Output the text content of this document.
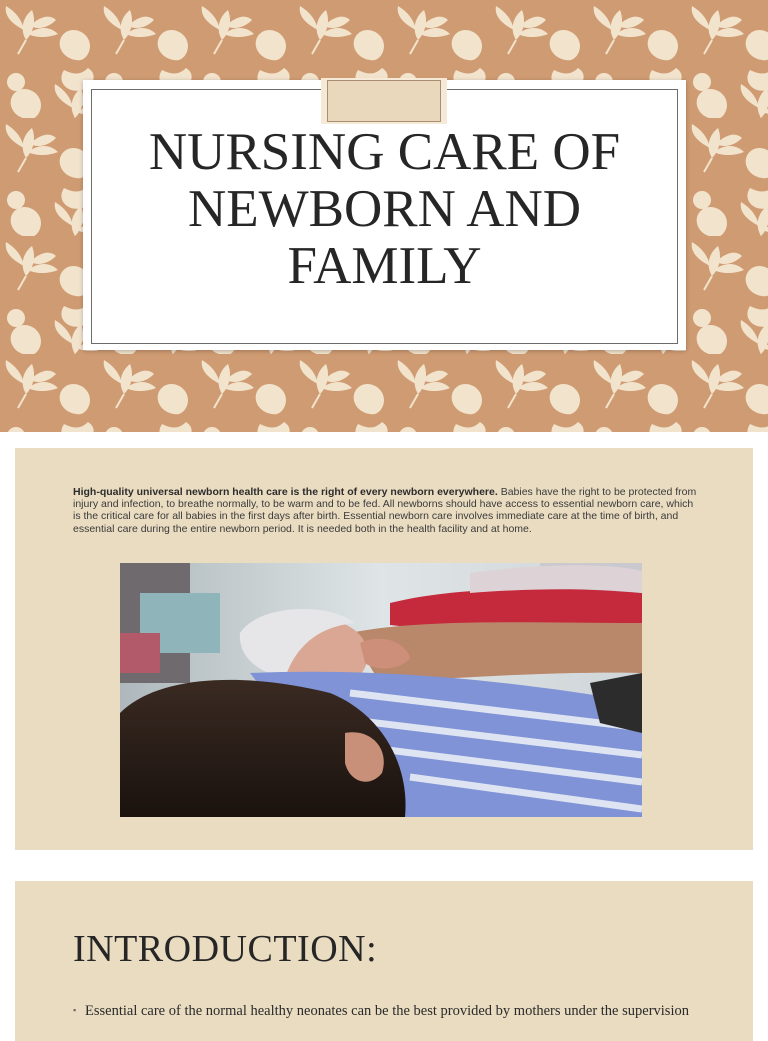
NURSING CARE OF
NEWBORN AND
FAMILY
High-quality universal newborn health care is the right of every newborn everywhere. Babies have the right to be protected from injury and infection, to breathe normally, to be warm and to be fed. All newborns should have access to essential newborn care, which is the critical care for all babies in the first days after birth. Essential newborn care involves immediate care at the time of birth, and essential care during the entire newborn period. It is needed both in the health facility and at home.
INTRODUCTION:
▪ Essential care of the normal healthy neonates can be the best provided by mothers under the supervision
